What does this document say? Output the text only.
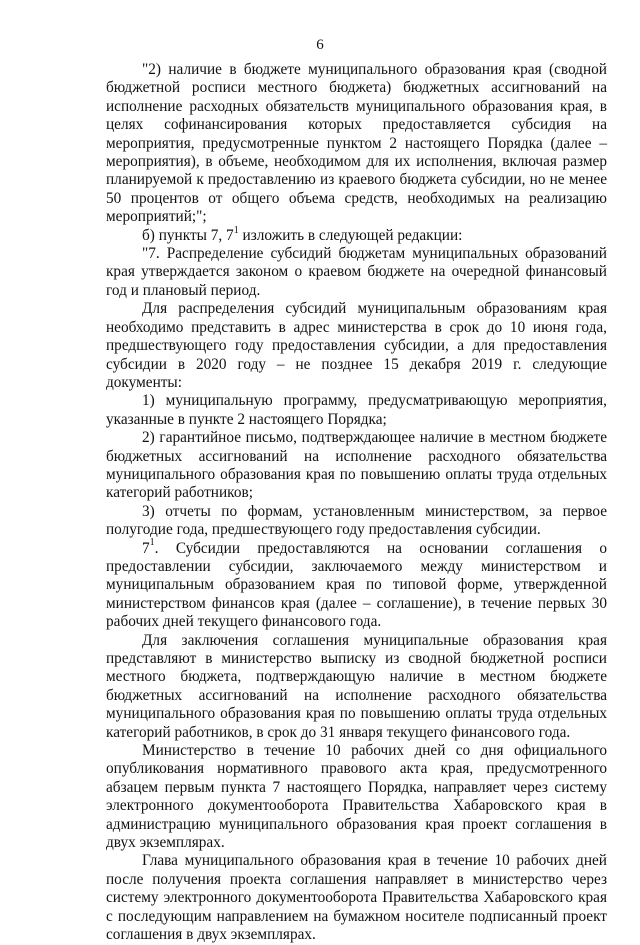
6

"2) наличие в бюджете муниципального образования края (сводной бюджетной росписи местного бюджета) бюджетных ассигнований на исполнение расходных обязательств муниципального образования края, в целях софинансирования которых предоставляется субсидия на мероприятия, предусмотренные пунктом 2 настоящего Порядка (далее – мероприятия), в объеме, необходимом для их исполнения, включая размер планируемой к предоставлению из краевого бюджета субсидии, но не менее 50 процентов от общего объема средств, необходимых на реализацию мероприятий;";

б) пункты 7, $7^1$ изложить в следующей редакции:

"7. Распределение субсидий бюджетам муниципальных образований края утверждается законом о краевом бюджете на очередной финансовый год и плановый период.

Для распределения субсидий муниципальным образованиям края необходимо представить в адрес министерства в срок до 10 июня года, предшествующего году предоставления субсидии, а для предоставления субсидии в 2020 году – не позднее 15 декабря 2019 г. следующие документы:

1) муниципальную программу, предусматривающую мероприятия, указанные в пункте 2 настоящего Порядка;

2) гарантийное письмо, подтверждающее наличие в местном бюджете бюджетных ассигнований на исполнение расходного обязательства муниципального образования края по повышению оплаты труда отдельных категорий работников;

3) отчеты по формам, установленным министерством, за первое полугодие года, предшествующего году предоставления субсидии.

$7^1$. Субсидии предоставляются на основании соглашения о предоставлении субсидии, заключаемого между министерством и муниципальным образованием края по типовой форме, утвержденной министерством финансов края (далее – соглашение), в течение первых 30 рабочих дней текущего финансового года.

Для заключения соглашения муниципальные образования края представляют в министерство выписку из сводной бюджетной росписи местного бюджета, подтверждающую наличие в местном бюджете бюджетных ассигнований на исполнение расходного обязательства муниципального образования края по повышению оплаты труда отдельных категорий работников, в срок до 31 января текущего финансового года.

Министерство в течение 10 рабочих дней со дня официального опубликования нормативного правового акта края, предусмотренного абзацем первым пункта 7 настоящего Порядка, направляет через систему электронного документооборота Правительства Хабаровского края в администрацию муниципального образования края проект соглашения в двух экземплярах.

Глава муниципального образования края в течение 10 рабочих дней после получения проекта соглашения направляет в министерство через систему электронного документооборота Правительства Хабаровского края с последующим направлением на бумажном носителе подписанный проект соглашения в двух экземплярах.
